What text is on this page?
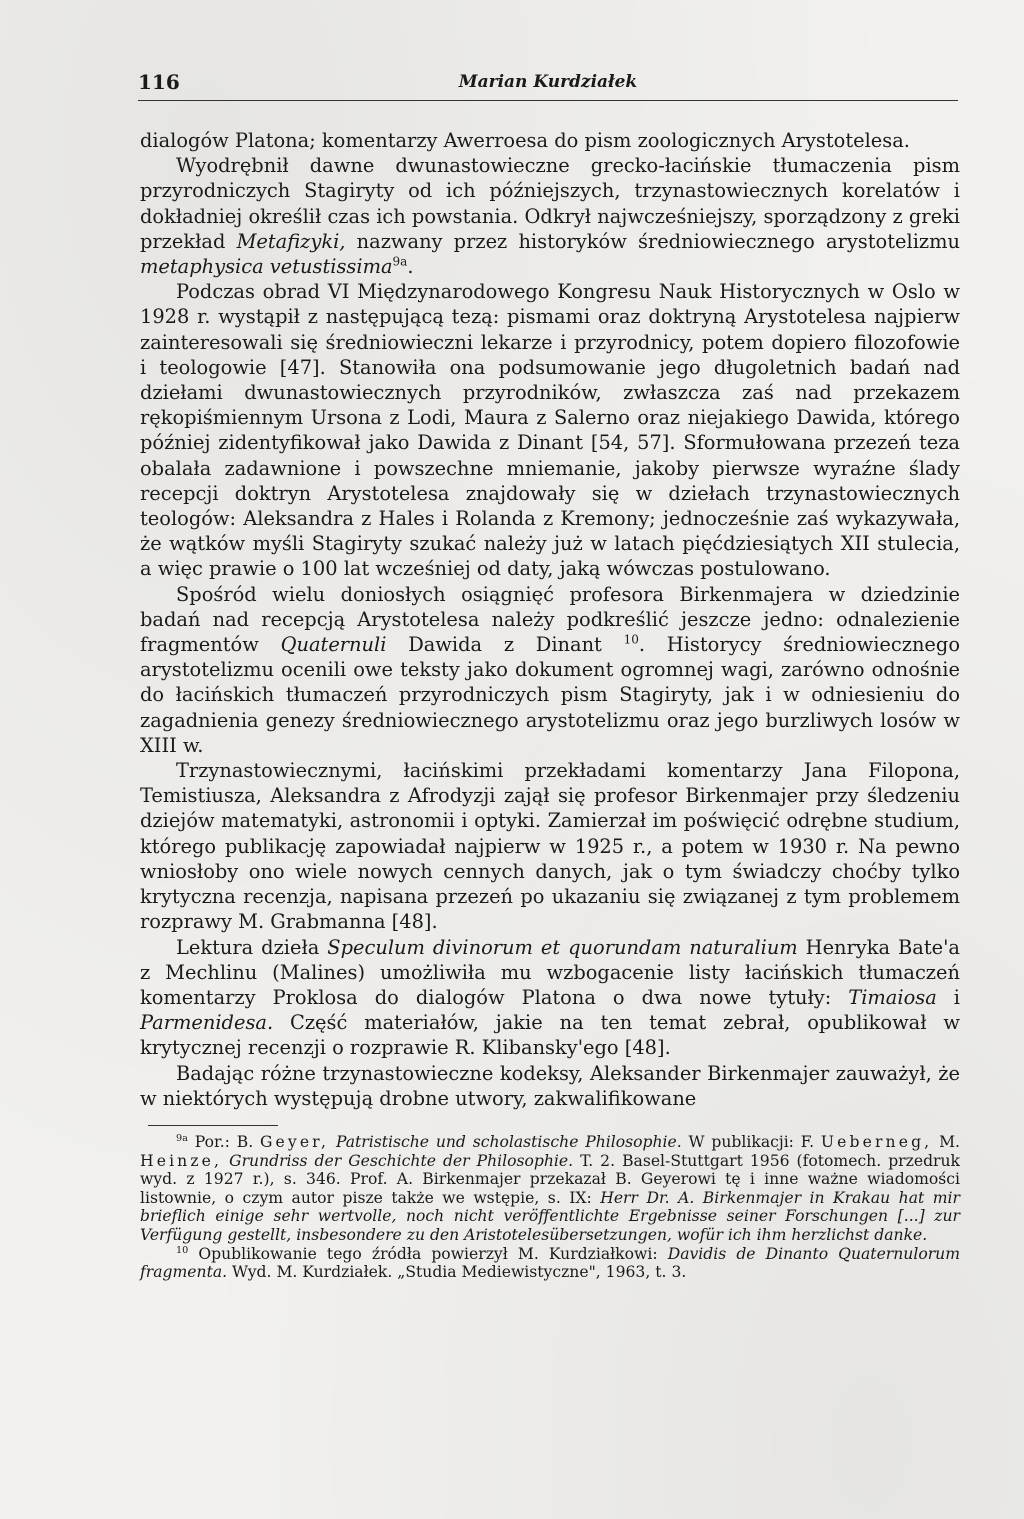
116	Marian Kurdziałek

dialogów Platona; komentarzy Awerroesa do pism zoologicznych Arystotelesa.

Wyodrębnił dawne dwunastowieczne grecko-łacińskie tłumaczenia pism przyrodniczych Stagiryty od ich późniejszych, trzynastowiecznych korelatów i dokładniej określił czas ich powstania. Odkrył najwcześniejszy, sporządzony z greki przekład Metafizyki, nazwany przez historyków średniowiecznego arystotelizmu metaphysica vetustissima$^{9a}$.

Podczas obrad VI Międzynarodowego Kongresu Nauk Historycznych w Oslo w 1928 r. wystąpił z następującą tezą: pismami oraz doktryną Arystotelesa najpierw zainteresowali się średniowieczni lekarze i przyrodnicy, potem dopiero filozofowie i teologowie [47]. Stanowiła ona podsumowanie jego długoletnich badań nad dziełami dwunastowiecznych przyrodników, zwłaszcza zaś nad przekazem rękopiśmiennym Ursona z Lodi, Maura z Salerno oraz niejakiego Dawida, którego później zidentyfikował jako Dawida z Dinant [54, 57]. Sformułowana przezeń teza obalała zadawnione i powszechne mniemanie, jakoby pierwsze wyraźne ślady recepcji doktryn Arystotelesa znajdowały się w dziełach trzynastowiecznych teologów: Aleksandra z Hales i Rolanda z Kremony; jednocześnie zaś wykazywała, że wątków myśli Stagiryty szukać należy już w latach pięćdziesiątych XII stulecia, a więc prawie o 100 lat wcześniej od daty, jaką wówczas postulowano.

Spośród wielu doniosłych osiągnięć profesora Birkenmajera w dziedzinie badań nad recepcją Arystotelesa należy podkreślić jeszcze jedno: odnalezienie fragmentów Quaternuli Dawida z Dinant $^{10}$. Historycy średniowiecznego arystotelizmu ocenili owe teksty jako dokument ogromnej wagi, zarówno odnośnie do łacińskich tłumaczeń przyrodniczych pism Stagiryty, jak i w odniesieniu do zagadnienia genezy średniowiecznego arystotelizmu oraz jego burzliwych losów w XIII w.

Trzynastowiecznymi, łacińskimi przekładami komentarzy Jana Filopona, Temistiusza, Aleksandra z Afrodyzji zajął się profesor Birkenmajer przy śledzeniu dziejów matematyki, astronomii i optyki. Zamierzał im poświęcić odrębne studium, którego publikację zapowiadał najpierw w 1925 r., a potem w 1930 r. Na pewno wniosłoby ono wiele nowych cennych danych, jak o tym świadczy choćby tylko krytyczna recenzja, napisana przezeń po ukazaniu się związanej z tym problemem rozprawy M. Grabmanna [48].

Lektura dzieła Speculum divinorum et quorundam naturalium Henryka Bate'a z Mechlinu (Malines) umożliwiła mu wzbogacenie listy łacińskich tłumaczeń komentarzy Proklosa do dialogów Platona o dwa nowe tytuły: Timaiosa i Parmenidesa. Część materiałów, jakie na ten temat zebrał, opublikował w krytycznej recenzji o rozprawie R. Klibansky'ego [48].

Badając różne trzynastowieczne kodeksy, Aleksander Birkenmajer zauważył, że w niektórych występują drobne utwory, zakwalifikowane

$^{9a}$ Por.: B. Geyer, Patristische und scholastische Philosophie. W publikacji: F. Ueberneg, M. Heinze, Grundriss der Geschichte der Philosophie. T. 2. Basel-Stuttgart 1956 (fotomech. przedruk wyd. z 1927 r.), s. 346. Prof. A. Birkenmajer przekazał B. Geyerowi tę i inne ważne wiadomości listownie, o czym autor pisze także we wstępie, s. IX: Herr Dr. A. Birkenmajer in Krakau hat mir brieflich einige sehr wertvolle, noch nicht veröffentlichte Ergebnisse seiner Forschungen [...] zur Verfügung gestellt, insbesondere zu den Aristotelesübersetzungen, wofür ich ihm herzlichst danke.

$^{10}$ Opublikowanie tego źródła powierzył M. Kurdziałkowi: Davidis de Dinanto Quaternulorum fragmenta. Wyd. M. Kurdziałek. „Studia Mediewistyczne", 1963, t. 3.
